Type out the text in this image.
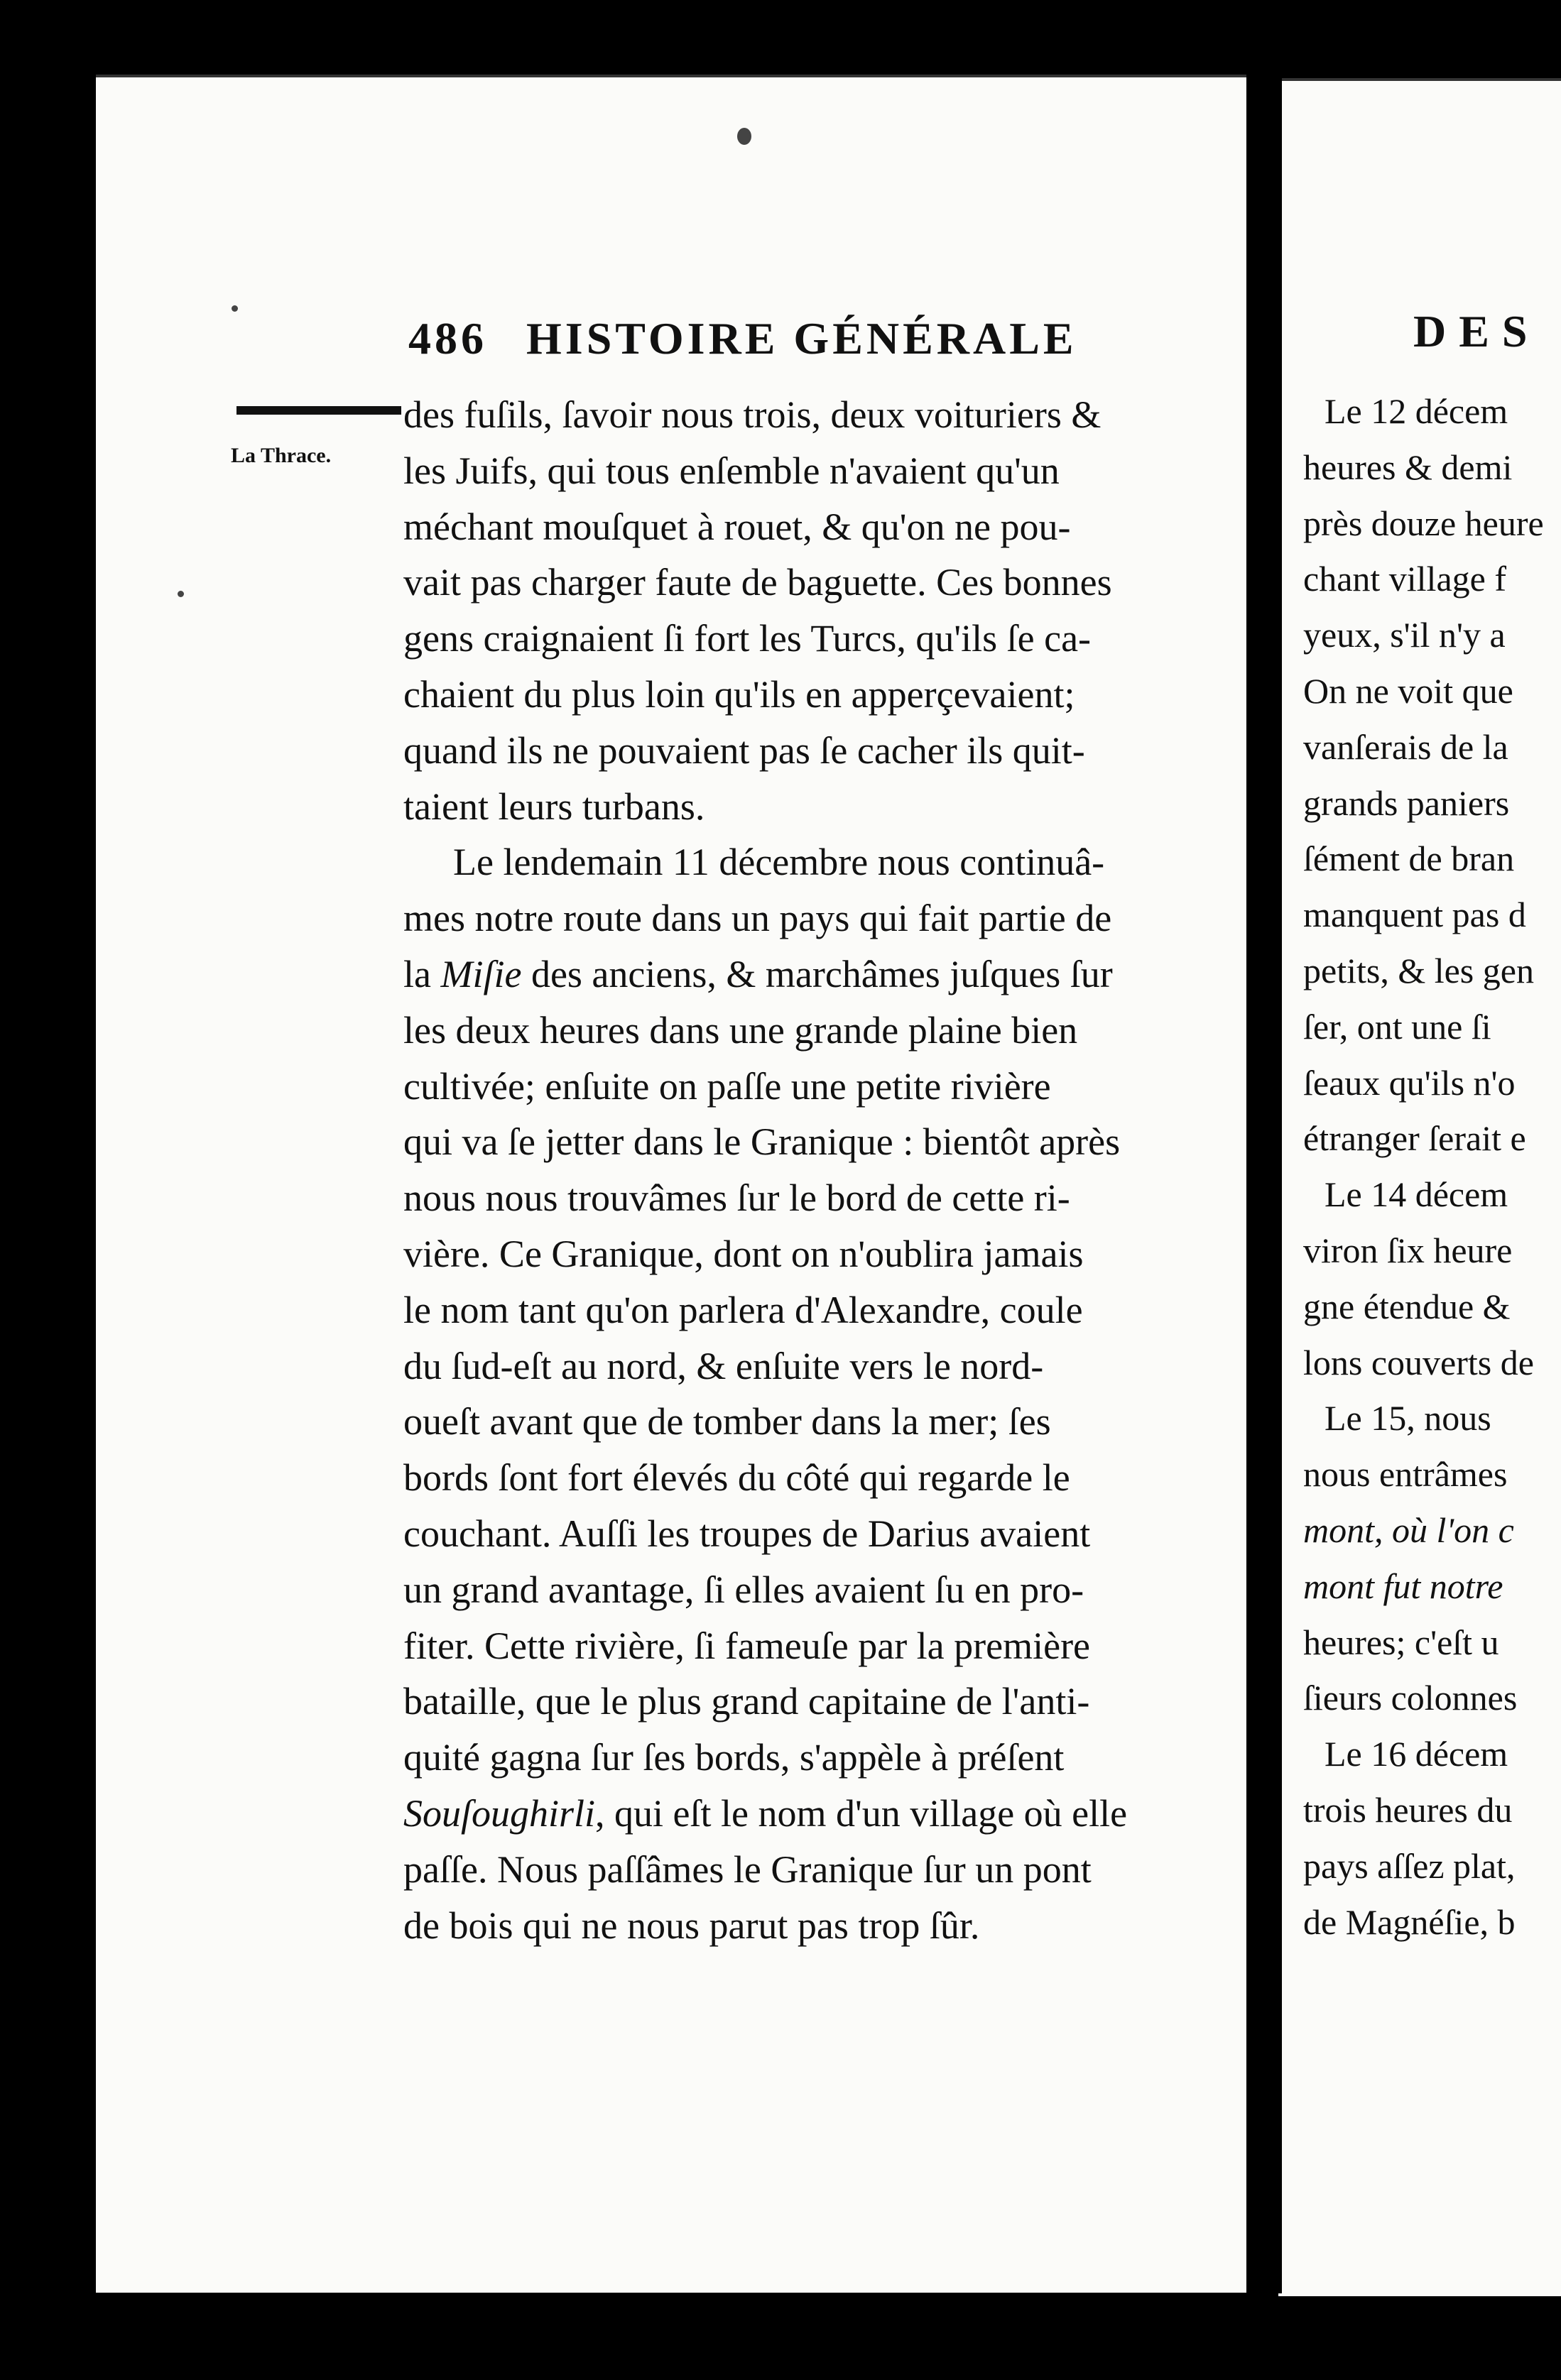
486 HISTOIRE GÉNÉRALE
La Thrace.
des fuſils, ſavoir nous trois, deux voituriers &
les Juifs, qui tous enſemble n'avaient qu'un
méchant mouſquet à rouet, & qu'on ne pou-
vait pas charger faute de baguette. Ces bonnes
gens craignaient ſi fort les Turcs, qu'ils ſe ca-
chaient du plus loin qu'ils en apperçevaient;
quand ils ne pouvaient pas ſe cacher ils quit-
taient leurs turbans.
Le lendemain 11 décembre nous continuâ-
mes notre route dans un pays qui fait partie de
la Miſie des anciens, & marchâmes juſques ſur
les deux heures dans une grande plaine bien
cultivée; enſuite on paſſe une petite rivière
qui va ſe jetter dans le Granique : bientôt après
nous nous trouvâmes ſur le bord de cette ri-
vière. Ce Granique, dont on n'oublira jamais
le nom tant qu'on parlera d'Alexandre, coule
du ſud-eſt au nord, & enſuite vers le nord-
oueſt avant que de tomber dans la mer; ſes
bords ſont fort élevés du côté qui regarde le
couchant. Auſſi les troupes de Darius avaient
un grand avantage, ſi elles avaient ſu en pro-
fiter. Cette rivière, ſi fameuſe par la première
bataille, que le plus grand capitaine de l'anti-
quité gagna ſur ſes bords, s'appèle à préſent
Souſoughirli, qui eſt le nom d'un village où elle
paſſe. Nous paſſâmes le Granique ſur un pont
de bois qui ne nous parut pas trop ſûr.
DES
Le 12 décem
heures & demi
près douze heure
chant village f
yeux, s'il n'y a
On ne voit que
vanſerais de la
grands paniers
ſément de bran
manquent pas d
petits, & les gen
ſer, ont une ſi
ſeaux qu'ils n'o
étranger ſerait e
Le 14 décem
viron ſix heure
gne étendue &
lons couverts de
Le 15, nous
nous entrâmes
mont, où l'on c
mont fut notre
heures; c'eſt u
ſieurs colonnes
Le 16 décem
trois heures du
pays aſſez plat,
de Magnéſie, b
